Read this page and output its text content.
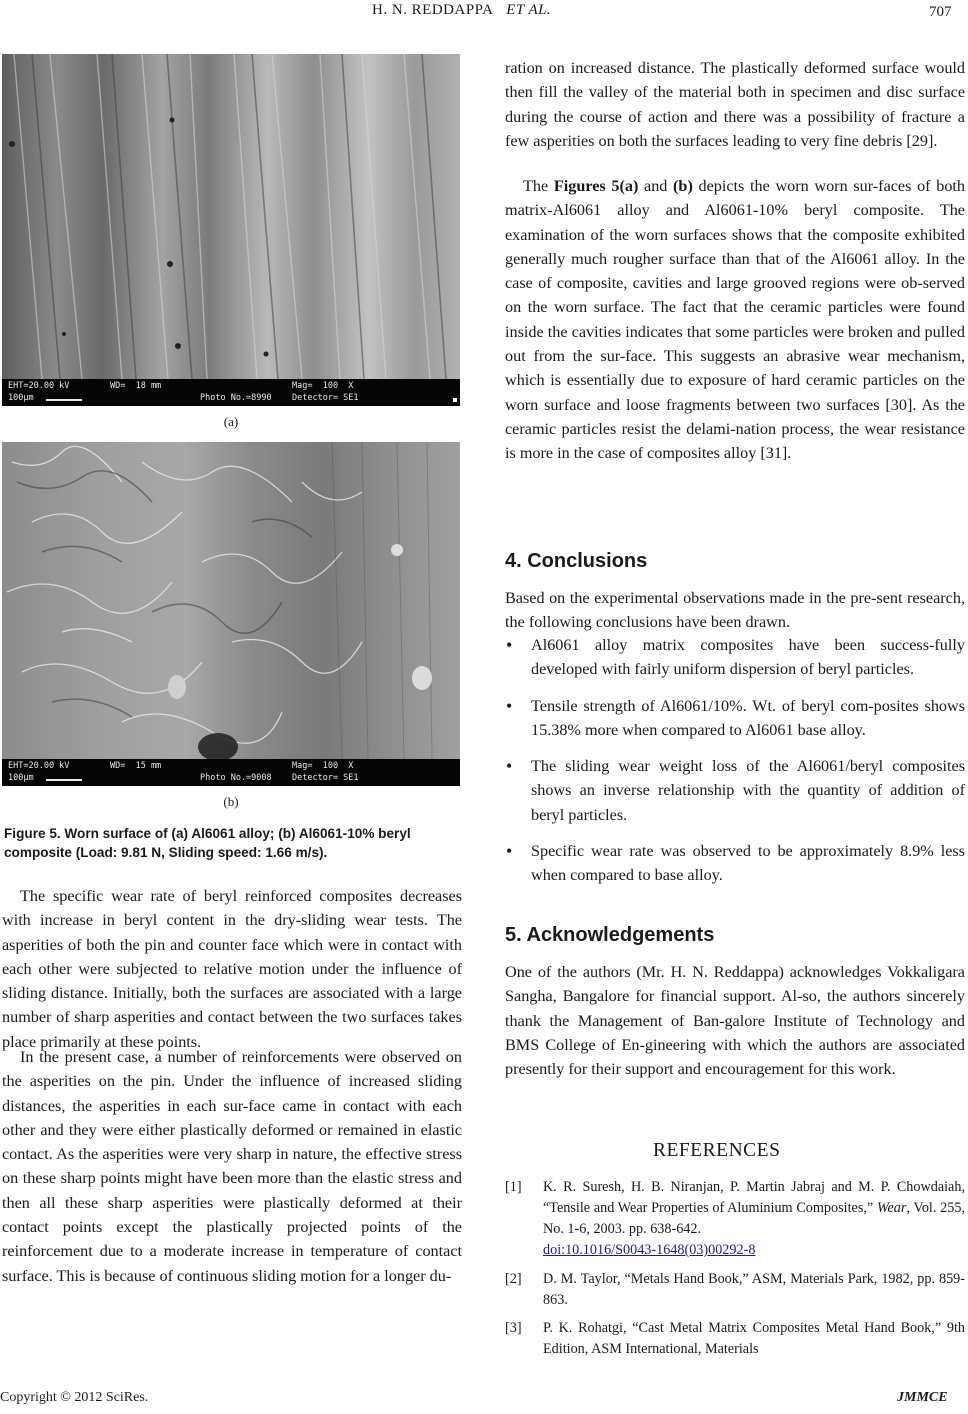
H. N. REDDAPPA ET AL.	707
EHT=20.00 kV
100μm
WD=  18 mm
Photo No.=8990
Mag=  100  X
Detector= SE1
(a)
EHT=20.00 kV
100μm
WD=  15 mm
Photo No.=9008
Mag=  100  X
Detector= SE1
(b)
Figure 5. Worn surface of (a) Al6061 alloy; (b) Al6061-10% beryl composite (Load: 9.81 N, Sliding speed: 1.66 m/s).

The specific wear rate of beryl reinforced composites decreases with increase in beryl content in the dry-sliding wear tests. The asperities of both the pin and counter face which were in contact with each other were subjected to relative motion under the influence of sliding distance. Initially, both the surfaces are associated with a large number of sharp asperities and contact between the two surfaces takes place primarily at these points.

In the present case, a number of reinforcements were observed on the asperities on the pin. Under the influence of increased sliding distances, the asperities in each sur-face came in contact with each other and they were either plastically deformed or remained in elastic contact. As the asperities were very sharp in nature, the effective stress on these sharp points might have been more than the elastic stress and then all these sharp asperities were plastically deformed at their contact points except the plastically projected points of the reinforcement due to a moderate increase in temperature of contact surface. This is because of continuous sliding motion for a longer du-

ration on increased distance. The plastically deformed surface would then fill the valley of the material both in specimen and disc surface during the course of action and there was a possibility of fracture a few asperities on both the surfaces leading to very fine debris [29].

The Figures 5(a) and (b) depicts the worn worn sur-faces of both matrix-Al6061 alloy and Al6061-10% beryl composite. The examination of the worn surfaces shows that the composite exhibited generally much rougher surface than that of the Al6061 alloy. In the case of composite, cavities and large grooved regions were ob-served on the worn surface. The fact that the ceramic particles were found inside the cavities indicates that some particles were broken and pulled out from the sur-face. This suggests an abrasive wear mechanism, which is essentially due to exposure of hard ceramic particles on the worn surface and loose fragments between two surfaces [30]. As the ceramic particles resist the delami-nation process, the wear resistance is more in the case of composites alloy [31].

4. Conclusions

Based on the experimental observations made in the pre-sent research, the following conclusions have been drawn.

• Al6061 alloy matrix composites have been success-fully developed with fairly uniform dispersion of beryl particles.
• Tensile strength of Al6061/10%. Wt. of beryl com-posites shows 15.38% more when compared to Al6061 base alloy.
• The sliding wear weight loss of the Al6061/beryl composites shows an inverse relationship with the quantity of addition of beryl particles.
• Specific wear rate was observed to be approximately 8.9% less when compared to base alloy.
5. Acknowledgements

One of the authors (Mr. H. N. Reddappa) acknowledges Vokkaligara Sangha, Bangalore for financial support. Al-so, the authors sincerely thank the Management of Ban-galore Institute of Technology and BMS College of En-gineering with which the authors are associated presently for their support and encouragement for this work.

REFERENCES
[1] K. R. Suresh, H. B. Niranjan, P. Martin Jabraj and M. P. Chowdaiah, “Tensile and Wear Properties of Aluminium Composites,” Wear, Vol. 255, No. 1-6, 2003. pp. 638-642.
doi:10.1016/S0043-1648(03)00292-8
[2] D. M. Taylor, “Metals Hand Book,” ASM, Materials Park, 1982, pp. 859-863.
[3] P. K. Rohatgi, “Cast Metal Matrix Composites Metal Hand Book,” 9th Edition, ASM International, Materials
Copyright © 2012 SciRes.	JMMCE
